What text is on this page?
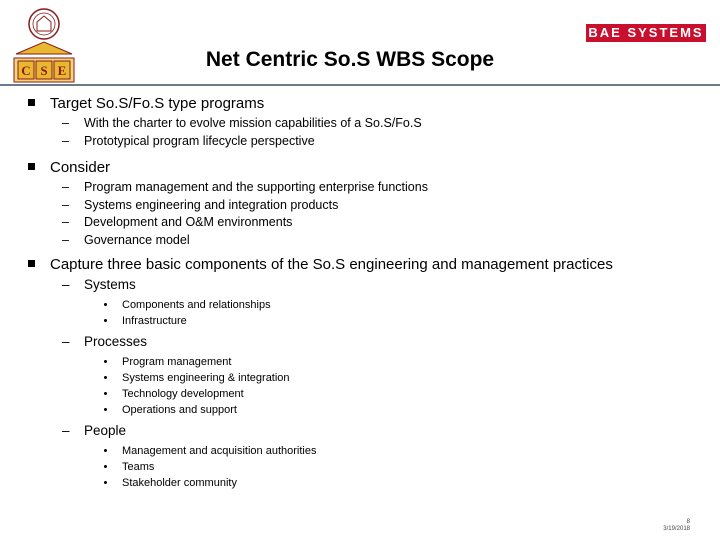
C S E
BAE SYSTEMS
Net Centric So.S WBS Scope
Target So.S/Fo.S type programs
– With the charter to evolve mission capabilities of a So.S/Fo.S
– Prototypical program lifecycle perspective
Consider
– Program management and the supporting enterprise functions
– Systems engineering and integration products
– Development and O&M environments
– Governance model
Capture three basic components of the So.S engineering and management practices
– Systems
Components and relationships
Infrastructure
– Processes
Program management
Systems engineering & integration
Technology development
Operations and support
– People
Management and acquisition authorities
Teams
Stakeholder community
8
3/19/2018
